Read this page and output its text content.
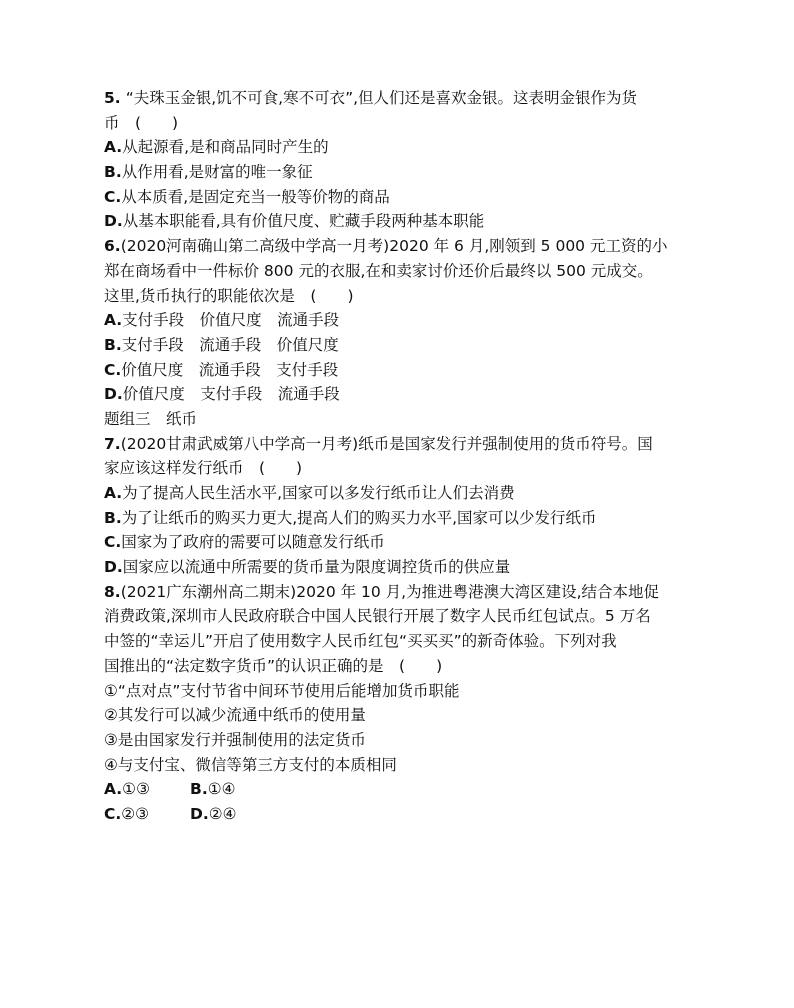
5. “夫珠玉金银,饥不可食,寒不可衣”,但人们还是喜欢金银。这表明金银作为货
币　(　　)
A.从起源看,是和商品同时产生的
B.从作用看,是财富的唯一象征
C.从本质看,是固定充当一般等价物的商品
D.从基本职能看,具有价值尺度、贮藏手段两种基本职能
6.(2020河南确山第二高级中学高一月考)2020 年 6 月,刚领到 5 000 元工资的小
郑在商场看中一件标价 800 元的衣服,在和卖家讨价还价后最终以 500 元成交。
这里,货币执行的职能依次是　(　　)
A.支付手段　价值尺度　流通手段
B.支付手段　流通手段　价值尺度
C.价值尺度　流通手段　支付手段
D.价值尺度　支付手段　流通手段
题组三　纸币
7.(2020甘肃武威第八中学高一月考)纸币是国家发行并强制使用的货币符号。国
家应该这样发行纸币　(　　)
A.为了提高人民生活水平,国家可以多发行纸币让人们去消费
B.为了让纸币的购买力更大,提高人们的购买力水平,国家可以少发行纸币
C.国家为了政府的需要可以随意发行纸币
D.国家应以流通中所需要的货币量为限度调控货币的供应量
8.(2021广东潮州高二期末)2020 年 10 月,为推进粤港澳大湾区建设,结合本地促
消费政策,深圳市人民政府联合中国人民银行开展了数字人民币红包试点。5 万名
中签的“幸运儿”开启了使用数字人民币红包“买买买”的新奇体验。下列对我
国推出的“法定数字货币”的认识正确的是　(　　)
①“点对点”支付节省中间环节使用后能增加货币职能
②其发行可以减少流通中纸币的使用量
③是由国家发行并强制使用的法定货币
④与支付宝、微信等第三方支付的本质相同
A.①③	B.①④
C.②③	D.②④
